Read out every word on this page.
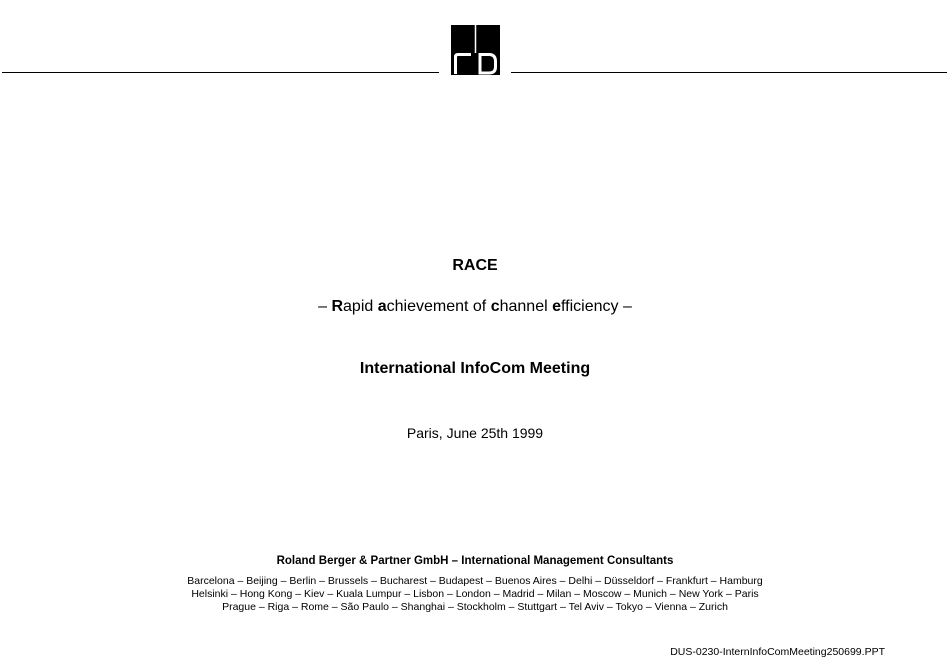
RACE
– Rapid achievement of channel efficiency –
International InfoCom Meeting
Paris, June 25th 1999
Roland Berger & Partner GmbH – International Management Consultants
Barcelona – Beijing – Berlin – Brussels – Bucharest – Budapest – Buenos Aires – Delhi – Düsseldorf – Frankfurt – Hamburg
Helsinki – Hong Kong – Kiev – Kuala Lumpur – Lisbon – London – Madrid – Milan – Moscow – Munich – New York – Paris
Prague – Riga – Rome – São Paulo – Shanghai – Stockholm – Stuttgart – Tel Aviv – Tokyo – Vienna – Zurich
DUS-0230-InternInfoComMeeting250699.PPT
